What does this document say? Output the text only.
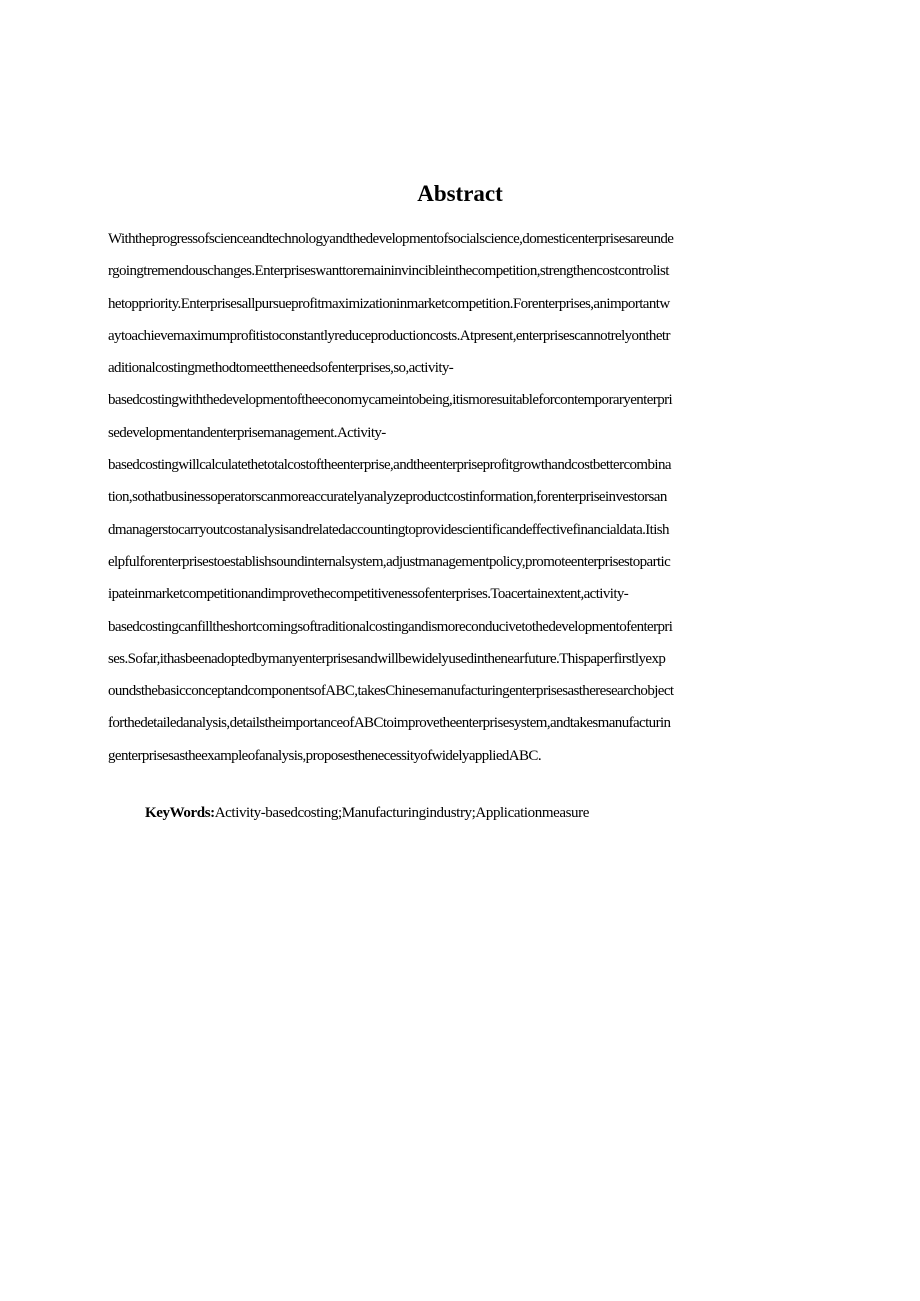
Abstract
Withtheprogressofscienceandtechnologyandthedevelopmentofsocialscience,domesticenterprisesareunde
rgoingtremendouschanges.Enterpriseswanttoremaininvincibleinthecompetition,strengthencostcontrolist
hetoppriority.Enterprisesallpursueprofitmaximizationinmarketcompetition.Forenterprises,animportantw
aytoachievemaximumprofitistoconstantlyreduceproductioncosts.Atpresent,enterprisescannotrelyonthetr
aditionalcostingmethodtomeettheneedsofenterprises,so,activity-
basedcostingwiththedevelopmentoftheeconomycameintobeing,itismoresuitableforcontemporaryenterpri
sedevelopmentandenterprisemanagement.Activity-
basedcostingwillcalculatethetotalcostoftheenterprise,andtheenterpriseprofitgrowthandcostbettercombina
tion,sothatbusinessoperatorscanmoreaccuratelyanalyzeproductcostinformation,forenterpriseinvestorsan
dmanagerstocarryoutcostanalysisandrelatedaccountingtoprovidescientificandeffectivefinancialdata.Itish
elpfulforenterprisestoestablishsoundinternalsystem,adjustmanagementpolicy,promoteenterprisestopartic
ipateinmarketcompetitionandimprovethecompetitivenessofenterprises.Toacertainextent,activity-
basedcostingcanfilltheshortcomingsoftraditionalcostingandismoreconducivetothedevelopmentofenterpri
ses.Sofar,ithasbeenadoptedbymanyenterprisesandwillbewidelyusedinthenearfuture.Thispaperfirstlyexp
oundsthebasicconceptandcomponentsofABC,takesChinesemanufacturingenterprisesastheresearchobject
forthedetailedanalysis,detailstheimportanceofABCtoimprovetheenterprisesystem,andtakesmanufacturin
genterprisesastheexampleofanalysis,proposesthenecessityofwidelyappliedABC.
KeyWords:Activity-basedcosting;Manufacturingindustry;Applicationmeasure
